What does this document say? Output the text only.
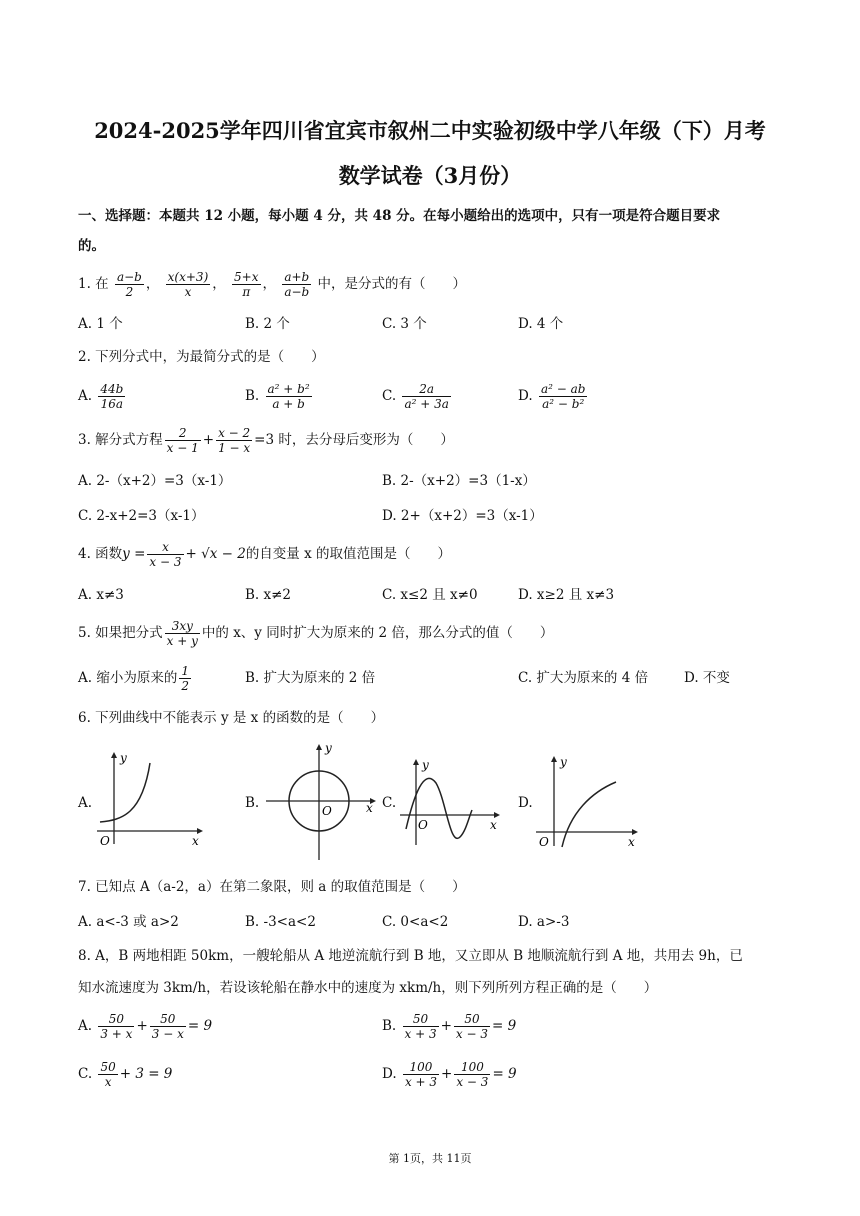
2024-2025学年四川省宜宾市叙州二中实验初级中学八年级（下）月考
数学试卷（3月份）
一、选择题：本题共 12 小题，每小题 4 分，共 48 分。在每小题给出的选项中，只有一项是符合题目要求
的。
1. 在 $\frac{a-b}{2}$ ， $\frac{x(x+3)}{x}$ ， $\frac{5+x}{\pi}$ ， $\frac{a+b}{a-b}$ 中，是分式的有（　　）
A. 1 个	B. 2 个	C. 3 个	D. 4 个
2. 下列分式中，为最简分式的是（　　）
A. $\frac{44b}{16a}$	B. $\frac{\text{a² + b²}}{a + b}$	C. $\frac{2a}{\text{a² + 3a}}$	D. $\frac{\text{a² − ab}}{\text{a² − b²}}$
3. 解分式方程 $\frac{2}{x - 1} + \frac{x - 2}{1 - x} =3$ 时，去分母后变形为（　　）
A. 2-（x+2）=3（x-1）	B. 2-（x+2）=3（1-x）
C. 2-x+2=3（x-1）	D. 2+（x+2）=3（x-1）
4. 函数$y = \frac{x}{x - 3} + √x - 2$的自变量 x 的取值范围是（　　）
A. x≠3	B. x≠2	C. x≤2 且 x≠0	D. x≥2 且 x≠3
5. 如果把分式 $\frac{3xy}{x + y}$ 中的 x、y 同时扩大为原来的 2 倍，那么分式的值（　　）
A. 缩小为原来的 $\frac{1}{2}$	B. 扩大为原来的 2 倍	C. 扩大为原来的 4 倍	D. 不变
6. 下列曲线中不能表示 y 是 x 的函数的是（　　）
A.
y
x
O
B.
y
x
O	C.
y
x
O
D.
y
x
O
7. 已知点 A（a-2，a）在第二象限，则 a 的取值范围是（　　）
A. a<-3 或 a>2	B. -3<a<2	C. 0<a<2	D. a>-3
8. A，B 两地相距 50km，一艘轮船从 A 地逆流航行到 B 地，又立即从 B 地顺流航行到 A 地，共用去 9h，已
知水流速度为 3km/h，若设该轮船在静水中的速度为 xkm/h，则下列所列方程正确的是（　　）
A. $\frac{50}{3 + x} + \frac{50}{3 - x} = 9$	B. $\frac{50}{x + 3} + \frac{50}{x - 3} = 9$
C. $\frac{50}{x} + 3 = 9$	D. $\frac{100}{x + 3} + \frac{100}{x - 3} = 9$
第 1页，共 11页
